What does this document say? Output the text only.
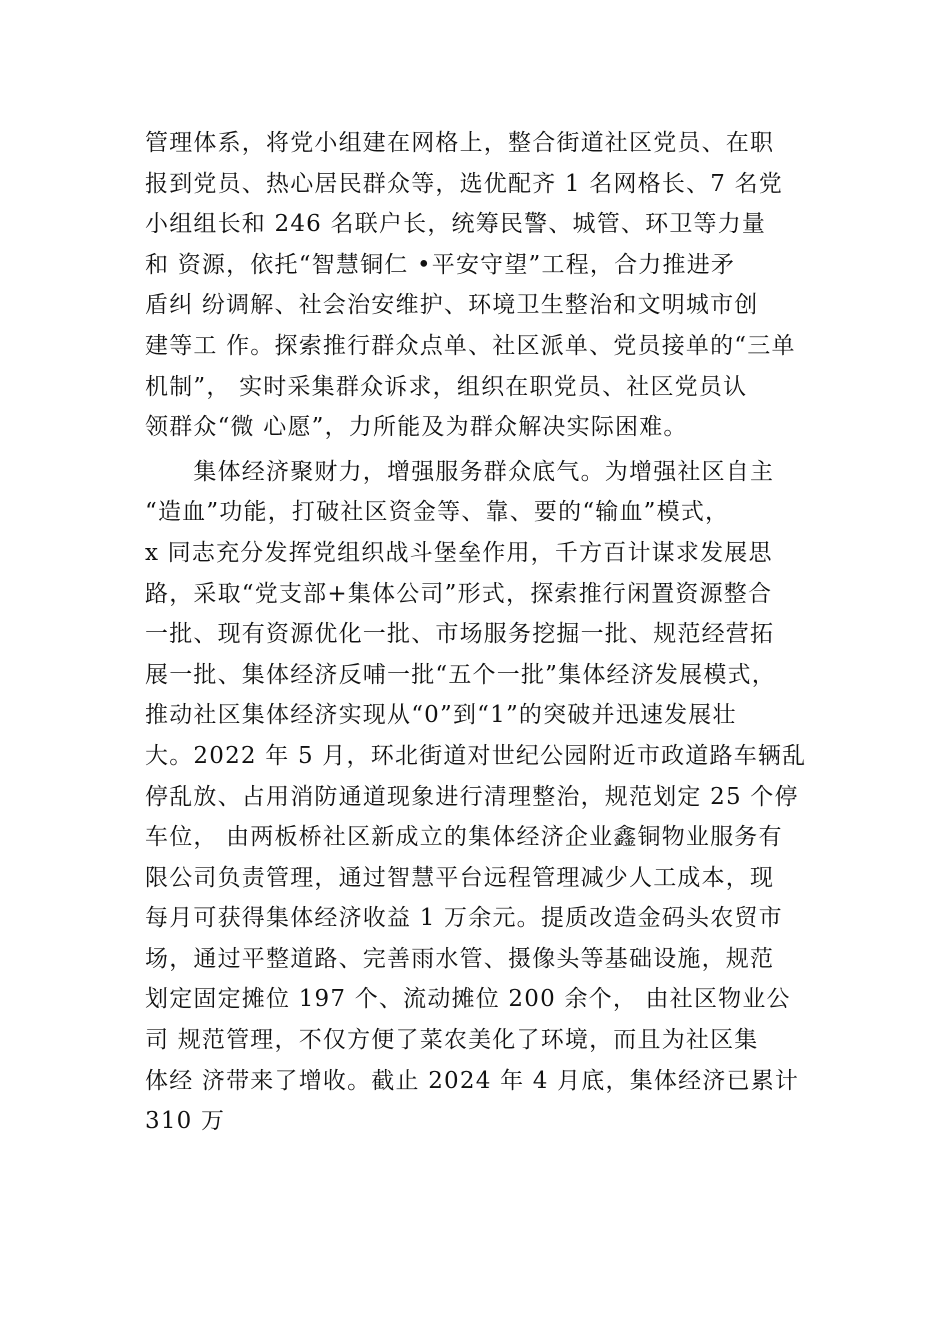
管理体系，将党小组建在网格上，整合街道社区党员、在职
报到党员、热心居民群众等，选优配齐 1 名网格长、7 名党
小组组长和 246 名联户长，统筹民警、城管、环卫等力量
和 资源，依托“智慧铜仁 •平安守望”工程，合力推进矛
盾纠 纷调解、社会治安维护、环境卫生整治和文明城市创
建等工 作。探索推行群众点单、社区派单、党员接单的“三单
机制”， 实时采集群众诉求，组织在职党员、社区党员认
领群众“微 心愿”，力所能及为群众解决实际困难。
　　集体经济聚财力，增强服务群众底气。为增强社区自主
“造血”功能，打破社区资金等、靠、要的“输血”模式，
x 同志充分发挥党组织战斗堡垒作用，千方百计谋求发展思
路，采取“党支部+集体公司”形式，探索推行闲置资源整合
一批、现有资源优化一批、市场服务挖掘一批、规范经营拓
展一批、集体经济反哺一批“五个一批”集体经济发展模式，
推动社区集体经济实现从“0”到“1”的突破并迅速发展壮
大。2022 年 5 月，环北街道对世纪公园附近市政道路车辆乱
停乱放、占用消防通道现象进行清理整治，规范划定 25 个停
车位， 由两板桥社区新成立的集体经济企业鑫铜物业服务有
限公司负责管理，通过智慧平台远程管理减少人工成本，现
每月可获得集体经济收益 1 万余元。提质改造金码头农贸市
场，通过平整道路、完善雨水管、摄像头等基础设施，规范
划定固定摊位 197 个、流动摊位 200 余个， 由社区物业公
司 规范管理，不仅方便了菜农美化了环境，而且为社区集
体经 济带来了增收。截止 2024 年 4 月底，集体经济已累计
310 万
